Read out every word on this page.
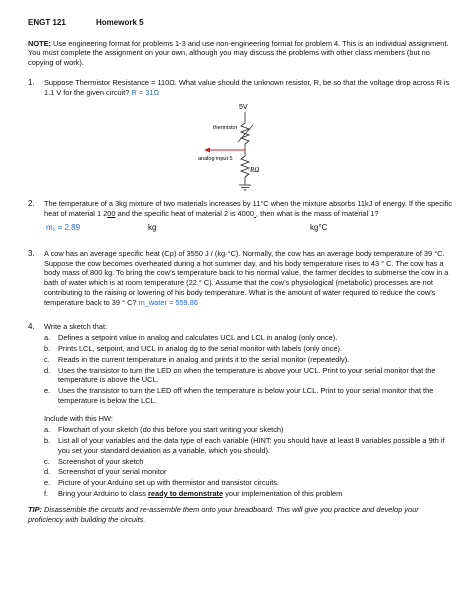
ENGT 121	Homework 5
NOTE: Use engineering format for problems 1-3 and use non-engineering format for problem 4. This is an individual assignment. You must complete the assignment on your own, although you may discuss the problems with other class members (but no copying of work).
1. Suppose Thermistor Resistance = 110Ω. What value should the unknown resistor, R, be so that the voltage drop across R is 1.1 V for the given circuit? R = 31Ω
5V
thermistor
analog input 5
RΩ
2. The temperature of a 3kg mixture of two materials increases by 11°C when the mixture absorbs 11kJ of energy. If the specific heat of material 1 200 and the specific heat of material 2 is 4000 , then what is the mass of material 1?
m₁ = 2.89	kg	kg°C
3. A cow has an average specific heat (Cp) of 3550 J / (kg·°C). Normally, the cow has an average body temperature of 39 °C. Suppose the cow becomes overheated during a hot summer day, and his body temperature rises to 43 ° C. The cow has a body mass of 800 kg. To bring the cow’s temperature back to his normal value, the farmer decides to submerse the cow in a bath of water which is at room temperature (22 ° C). Assume that the cow’s physiological (metabolic) processes are not contributing to the raising or lowering of his body temperature. What is the amount of water required to reduce the cow’s temperature back to 39 ° C? m_water = 559.86
4. Write a sketch that:
a. Defines a setpoint value in analog and calculates UCL and LCL in analog (only once).
b. Prints LCL, setpoint, and UCL in analog dg to the serial monitor with labels (only once).
c. Reads in the current temperature in analog and prints it to the serial monitor (repeatedly).
d. Uses the transistor to turn the LED on when the temperature is above your UCL. Print to your serial monitor that the temperature is above the UCL.
e. Uses the transistor to turn the LED off when the temperature is below your LCL. Print to your serial monitor that the temperature is below the LCL.
Include with this HW:
a. Flowchart of your sketch (do this before you start writing your sketch)
b. List all of your variables and the data type of each variable (HINT: you should have at least 8 variables possible a 9th if you set your standard deviation as a variable, which you should).
c. Screenshot of your sketch
d. Screenshot of your serial monitor
e. Picture of your Arduino set up with thermistor and transistor circuits.
f. Bring your Arduino to class ready to demonstrate your implementation of this problem
TIP: Disassemble the circuits and re-assemble them onto your breadboard. This will give you practice and develop your proficiency with building the circuits.
